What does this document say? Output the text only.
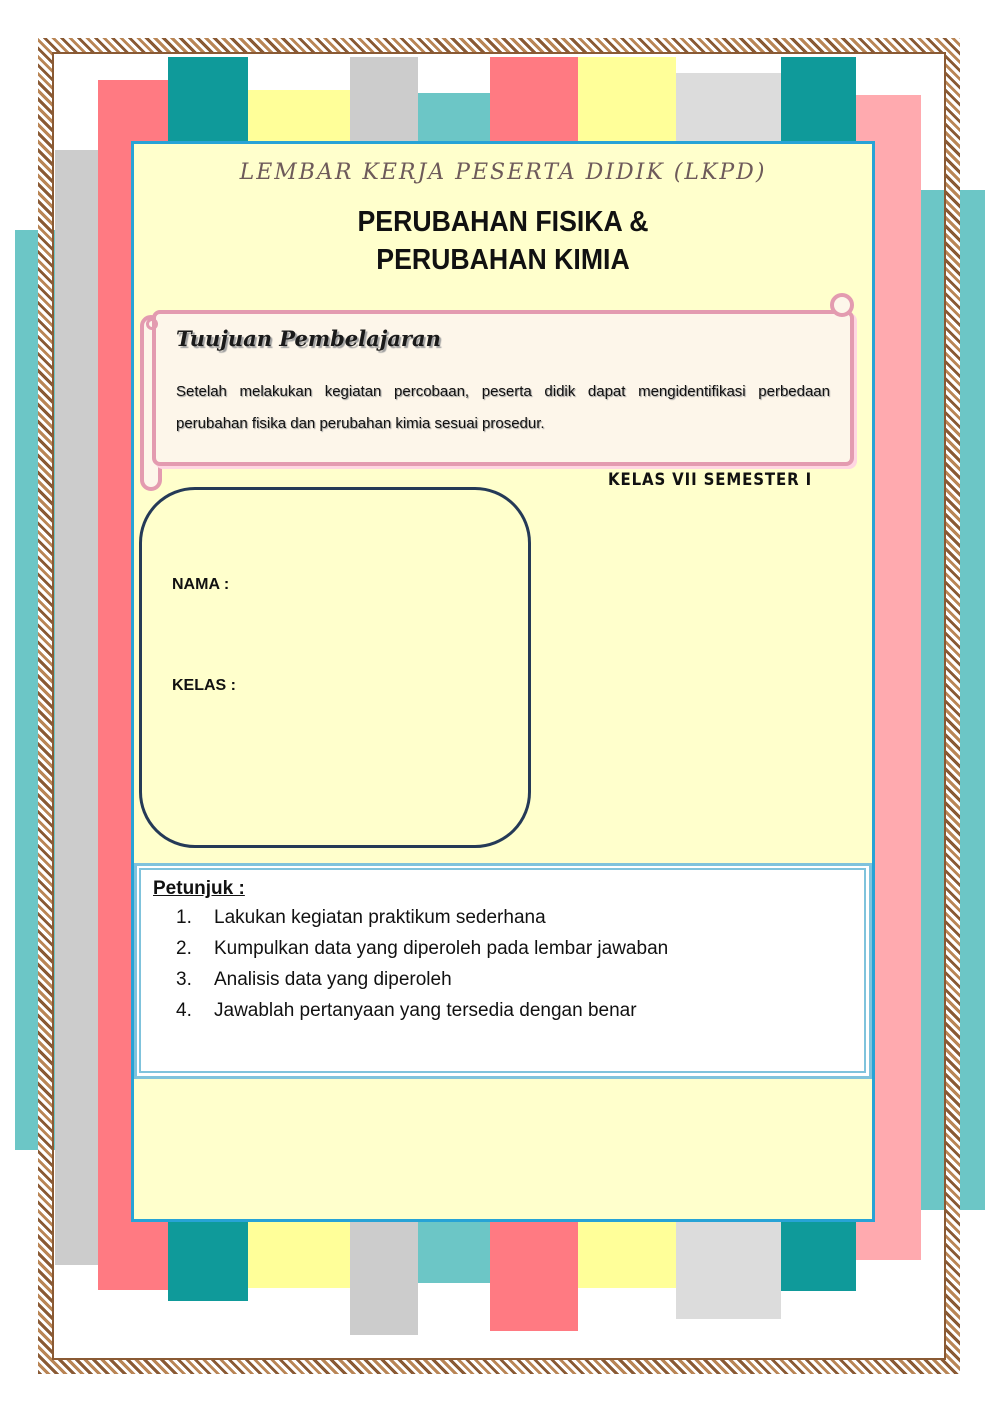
LEMBAR KERJA PESERTA DIDIK (LKPD)
PERUBAHAN FISIKA &
PERUBAHAN KIMIA
Tuujuan Pembelajaran
Setelah melakukan kegiatan percobaan, peserta didik dapat mengidentifikasi perbedaan perubahan fisika dan perubahan kimia sesuai prosedur.
KELAS VII SEMESTER I
NAMA :
KELAS :
Petunjuk :
1.	Lakukan kegiatan praktikum sederhana
2.	Kumpulkan data yang diperoleh pada lembar jawaban
3.	Analisis data yang diperoleh
4.	Jawablah pertanyaan yang tersedia dengan benar
